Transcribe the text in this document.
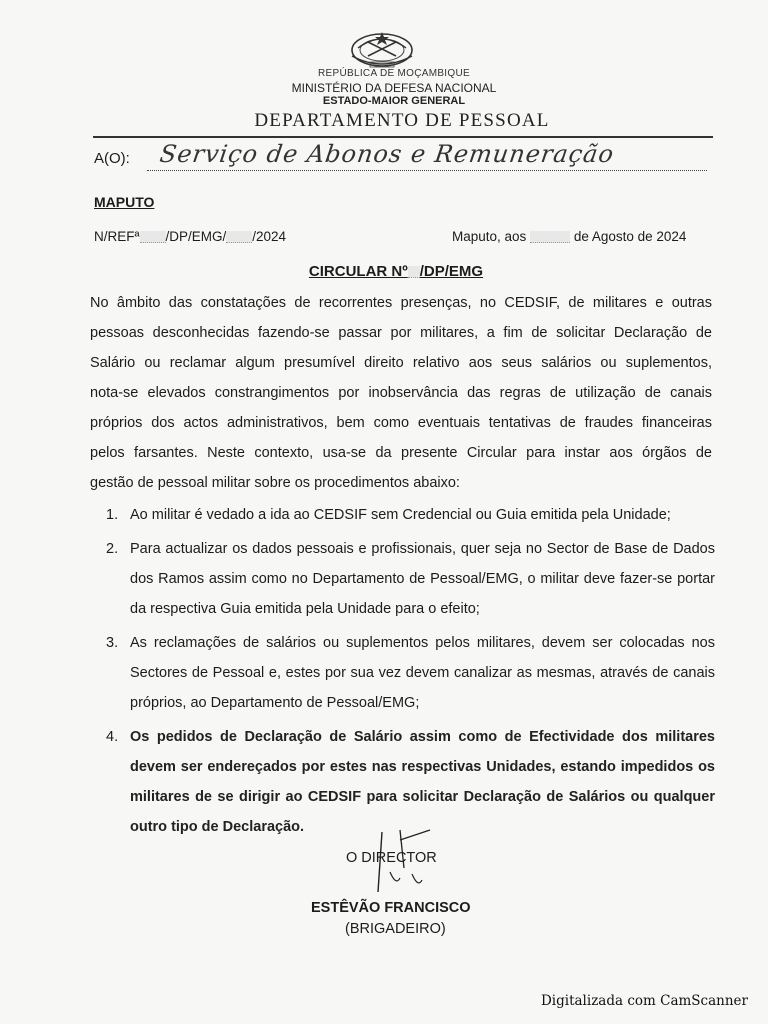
REPÚBLICA DE MOÇAMBIQUE
MINISTÉRIO DA DEFESA NACIONAL
ESTADO-MAIOR GENERAL
DEPARTAMENTO DE PESSOAL
A(O): Serviço de Abonos e Remuneração
MAPUTO
N/REFª /DP/EMG/ /2024	Maputo, aos	de Agosto de 2024
CIRCULAR Nº /DP/EMG
No âmbito das constatações de recorrentes presenças, no CEDSIF, de militares e outras
pessoas desconhecidas fazendo-se passar por militares, a fim de solicitar Declaração de
Salário ou reclamar algum presumível direito relativo aos seus salários ou suplementos,
nota-se elevados constrangimentos por inobservância das regras de utilização de canais
próprios dos actos administrativos, bem como eventuais tentativas de fraudes financeiras
pelos farsantes. Neste contexto, usa-se da presente Circular para instar aos órgãos de
gestão de pessoal militar sobre os procedimentos abaixo:
1. Ao militar é vedado a ida ao CEDSIF sem Credencial ou Guia emitida pela Unidade;
2. Para actualizar os dados pessoais e profissionais, quer seja no Sector de Base de Dados dos Ramos assim como no Departamento de Pessoal/EMG, o militar deve fazer-se portar da respectiva Guia emitida pela Unidade para o efeito;
3. As reclamações de salários ou suplementos pelos militares, devem ser colocadas nos Sectores de Pessoal e, estes por sua vez devem canalizar as mesmas, através de canais próprios, ao Departamento de Pessoal/EMG;
4. Os pedidos de Declaração de Salário assim como de Efectividade dos militares devem ser endereçados por estes nas respectivas Unidades, estando impedidos os militares de se dirigir ao CEDSIF para solicitar Declaração de Salários ou qualquer outro tipo de Declaração.
O DIRECTOR
ESTÊVÃO FRANCISCO
(BRIGADEIRO)
Digitalizada com CamScanner
